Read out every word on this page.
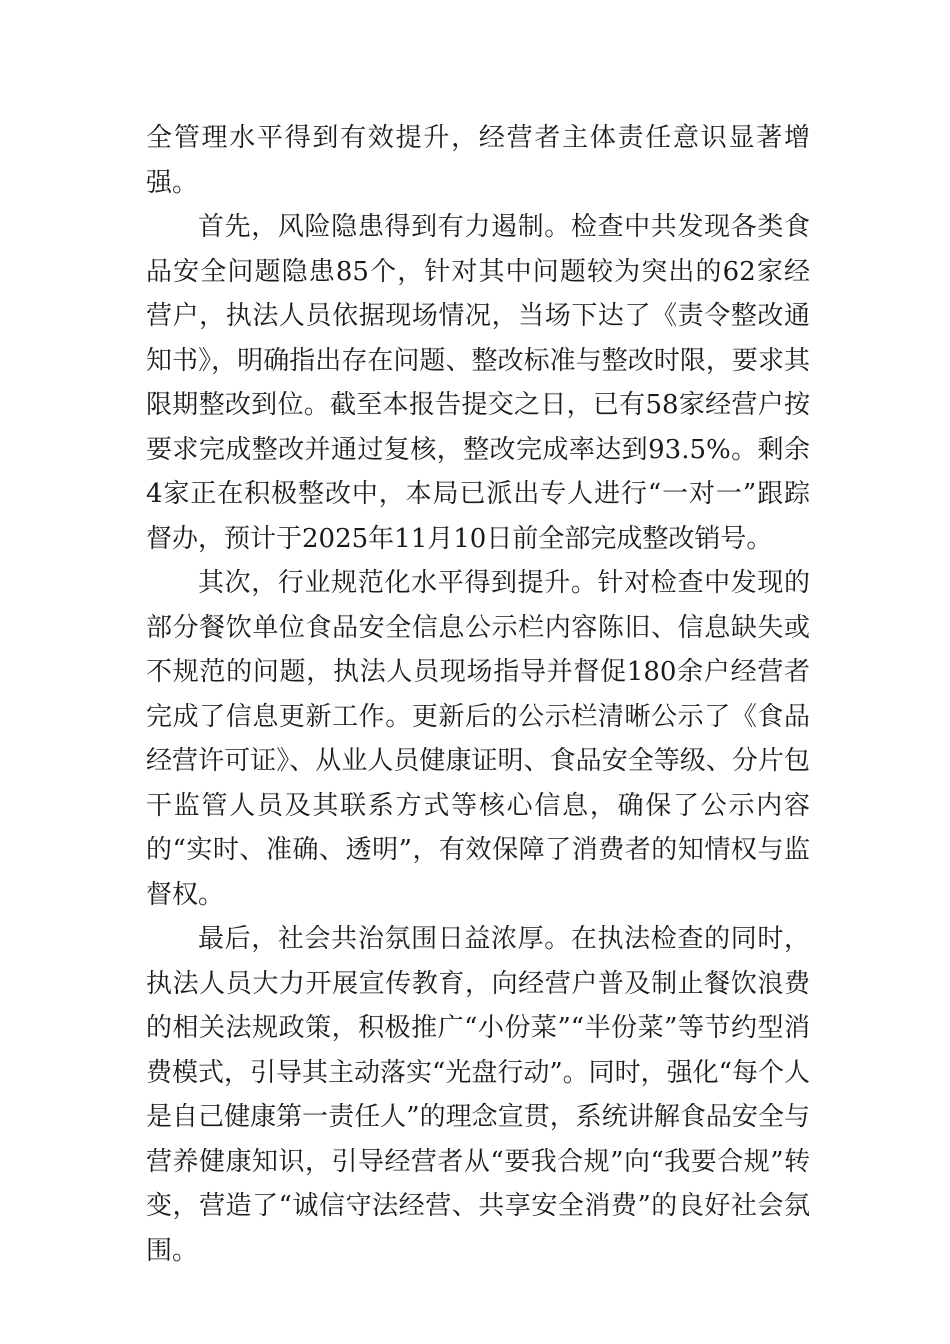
全管理水平得到有效提升，经营者主体责任意识显著增强。

首先，风险隐患得到有力遏制。检查中共发现各类食品安全问题隐患85个，针对其中问题较为突出的62家经营户，执法人员依据现场情况，当场下达了《责令整改通知书》，明确指出存在问题、整改标准与整改时限，要求其限期整改到位。截至本报告提交之日，已有58家经营户按要求完成整改并通过复核，整改完成率达到93.5%。剩余4家正在积极整改中，本局已派出专人进行“一对一”跟踪督办，预计于2025年11月10日前全部完成整改销号。

其次，行业规范化水平得到提升。针对检查中发现的部分餐饮单位食品安全信息公示栏内容陈旧、信息缺失或不规范的问题，执法人员现场指导并督促180余户经营者完成了信息更新工作。更新后的公示栏清晰公示了《食品经营许可证》、从业人员健康证明、食品安全等级、分片包干监管人员及其联系方式等核心信息，确保了公示内容的“实时、准确、透明”，有效保障了消费者的知情权与监督权。

最后，社会共治氛围日益浓厚。在执法检查的同时，执法人员大力开展宣传教育，向经营户普及制止餐饮浪费的相关法规政策，积极推广“小份菜”“半份菜”等节约型消费模式，引导其主动落实“光盘行动”。同时，强化“每个人是自己健康第一责任人”的理念宣贯，系统讲解食品安全与营养健康知识，引导经营者从“要我合规”向“我要合规”转变，营造了“诚信守法经营、共享安全消费”的良好社会氛围。
